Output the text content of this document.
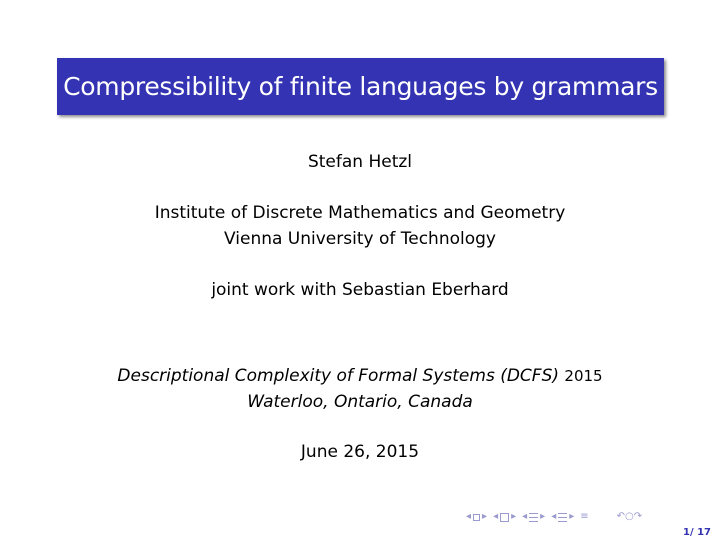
Compressibility of finite languages by grammars
Stefan Hetzl
Institute of Discrete Mathematics and Geometry
Vienna University of Technology
joint work with Sebastian Eberhard
Descriptional Complexity of Formal Systems (DCFS) 2015
Waterloo, Ontario, Canada
June 26, 2015
◂ ▸ ◂ ▸ ◂ ▸ ◂ ▸ ≡	↶○↷
1/ 17
